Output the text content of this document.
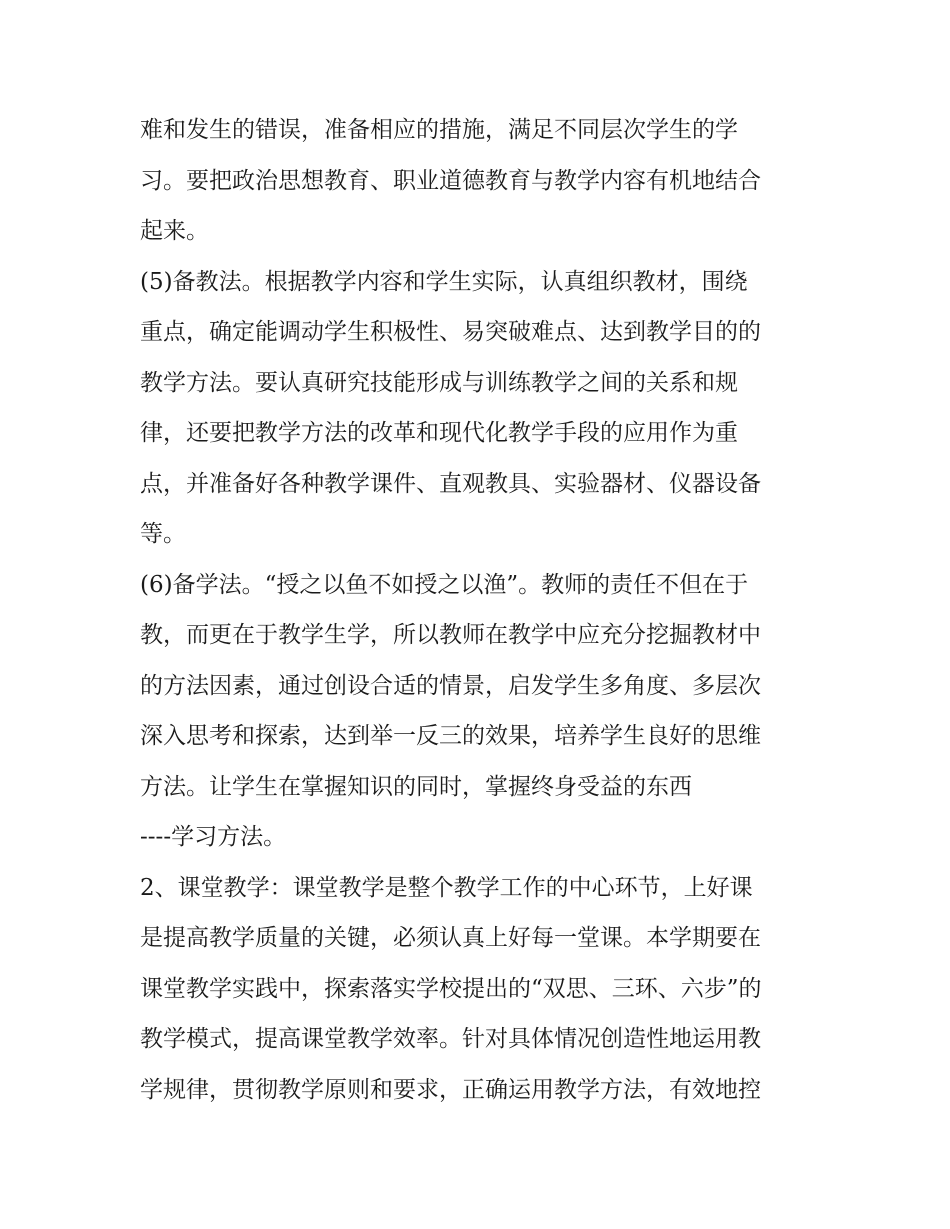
难和发生的错误，准备相应的措施，满足不同层次学生的学
习。要把政治思想教育、职业道德教育与教学内容有机地结合
起来。
(5)备教法。根据教学内容和学生实际，认真组织教材，围绕
重点，确定能调动学生积极性、易突破难点、达到教学目的的
教学方法。要认真研究技能形成与训练教学之间的关系和规
律，还要把教学方法的改革和现代化教学手段的应用作为重
点，并准备好各种教学课件、直观教具、实验器材、仪器设备
等。
(6)备学法。“授之以鱼不如授之以渔”。教师的责任不但在于
教，而更在于教学生学，所以教师在教学中应充分挖掘教材中
的方法因素，通过创设合适的情景，启发学生多角度、多层次
深入思考和探索，达到举一反三的效果，培养学生良好的思维
方法。让学生在掌握知识的同时，掌握终身受益的东西
----学习方法。
2、课堂教学：课堂教学是整个教学工作的中心环节，上好课
是提高教学质量的关键，必须认真上好每一堂课。本学期要在
课堂教学实践中，探索落实学校提出的“双思、三环、六步”的
教学模式，提高课堂教学效率。针对具体情况创造性地运用教
学规律，贯彻教学原则和要求，正确运用教学方法，有效地控
